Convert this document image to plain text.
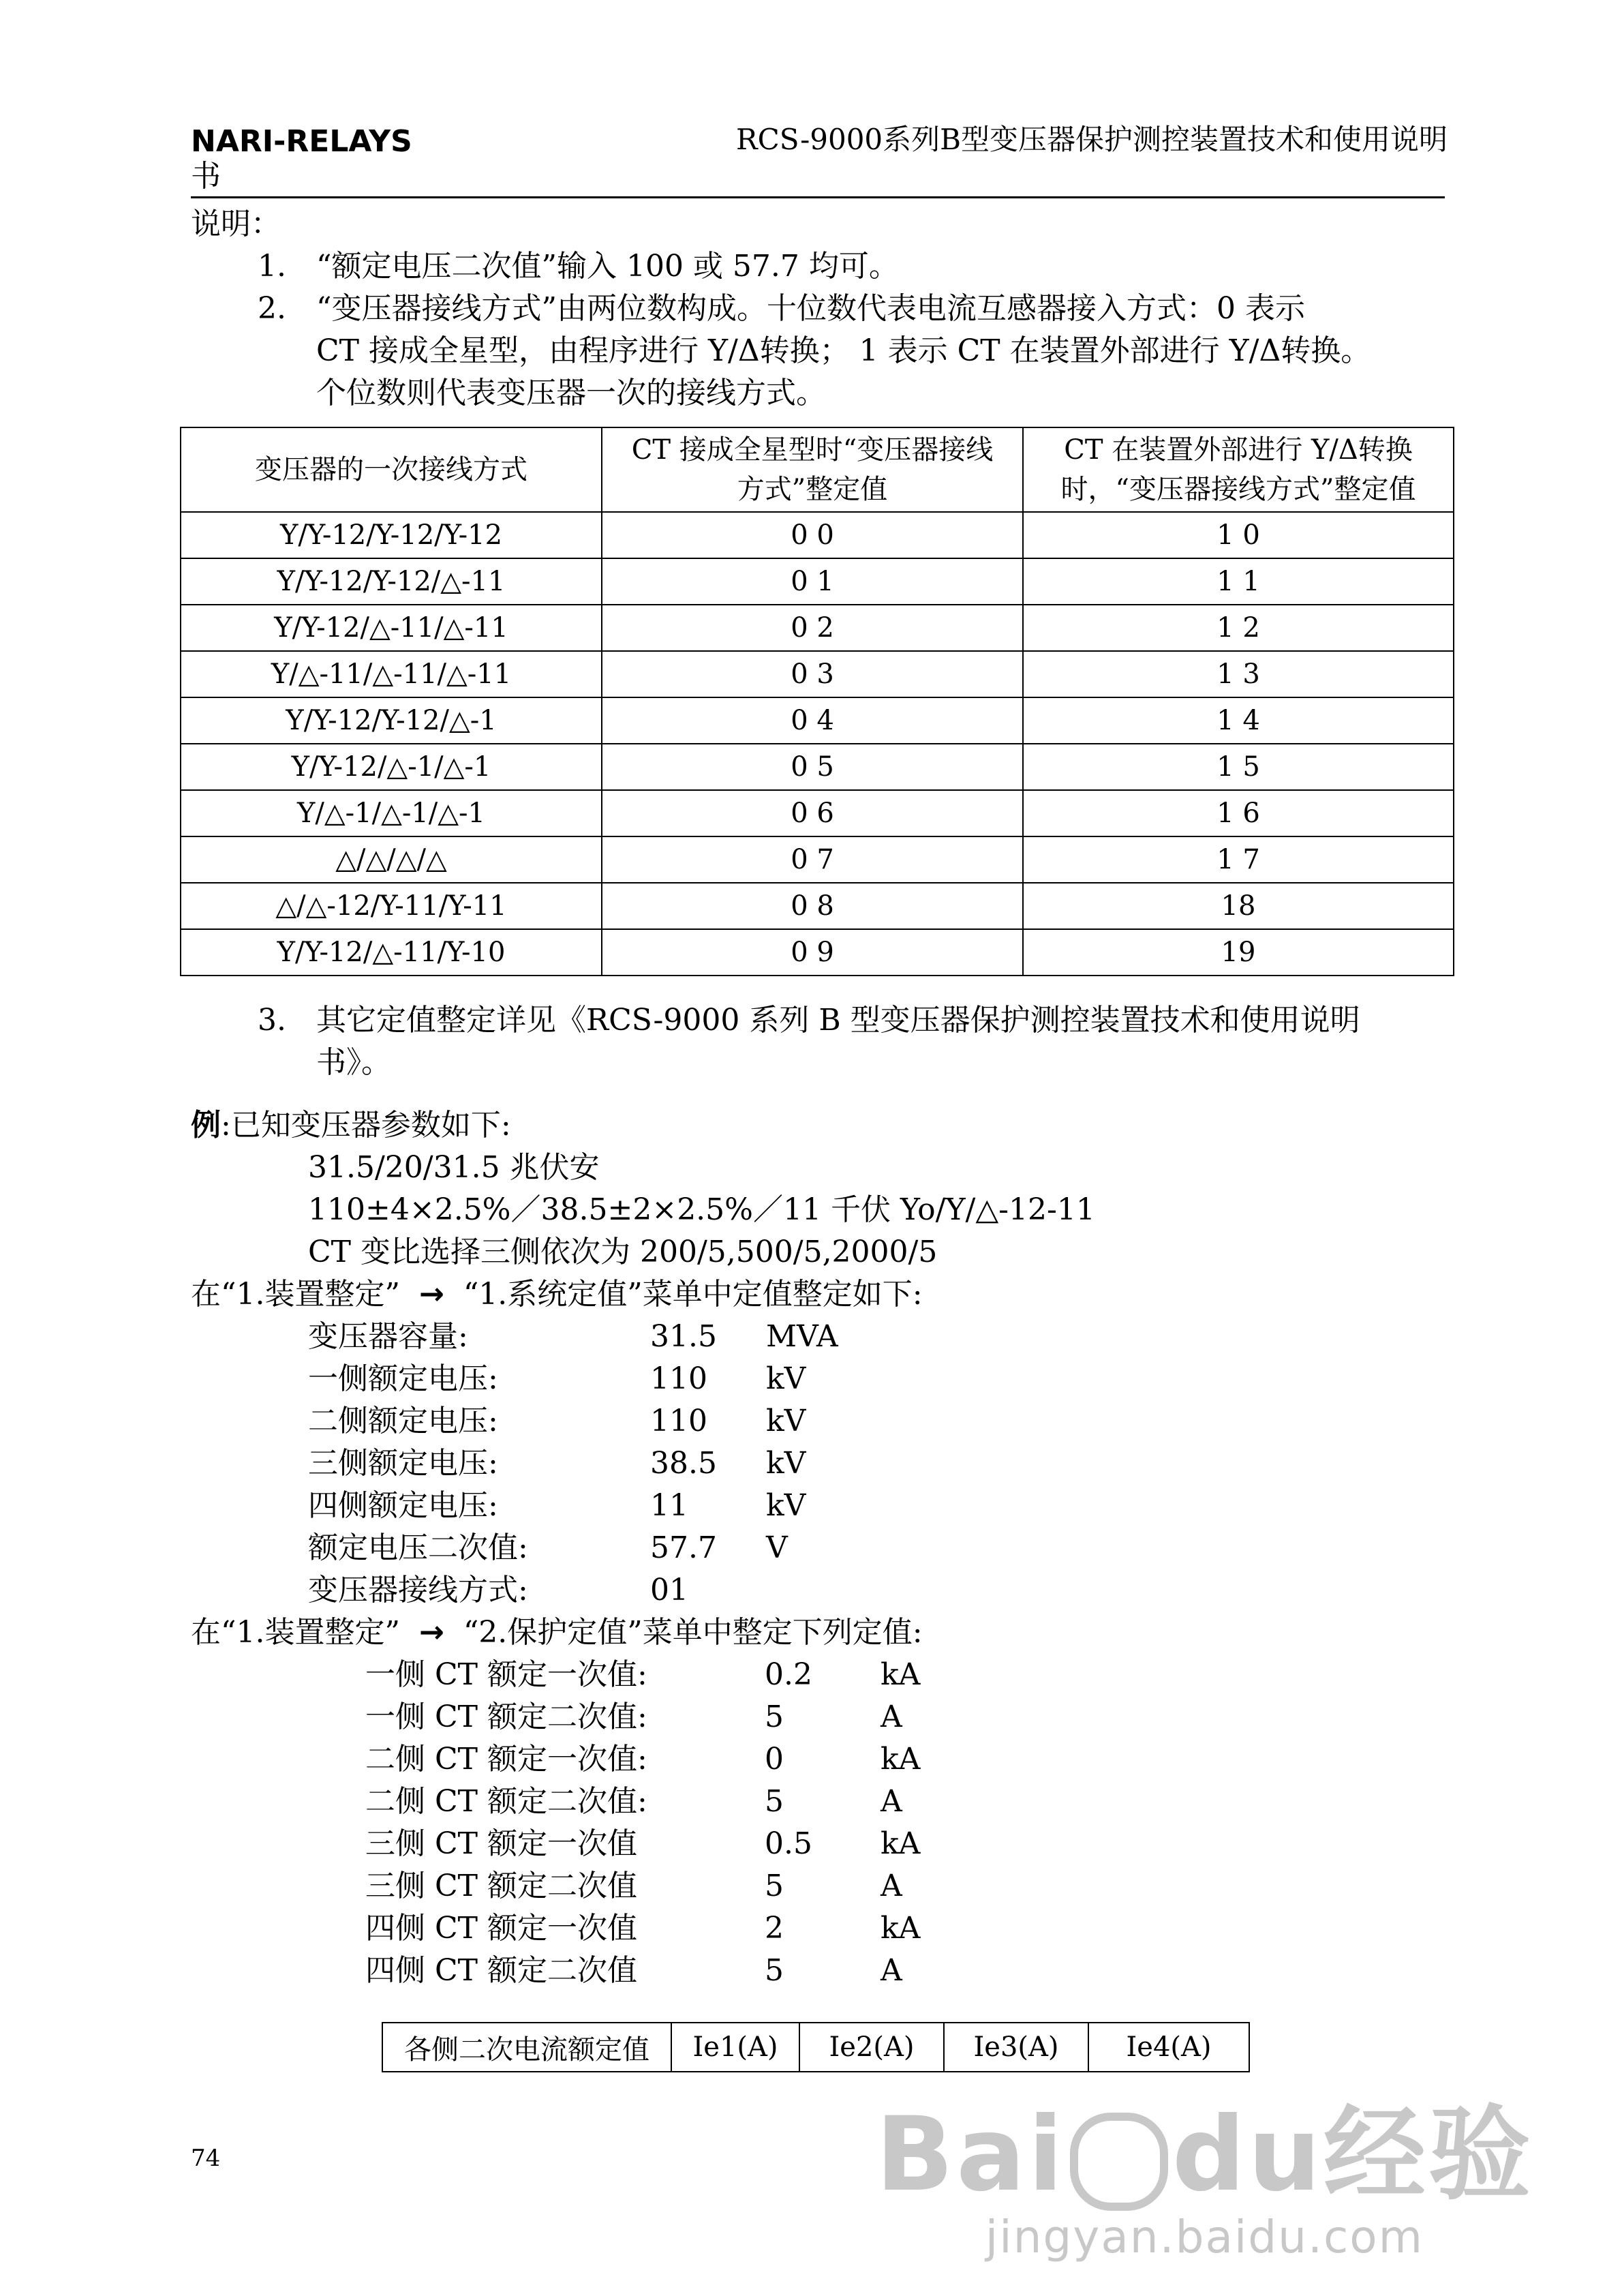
NARI-RELAYS	RCS-9000系列B型变压器保护测控装置技术和使用说明
书
说明：
1. “额定电压二次值”输入 100 或 57.7 均可。
2. “变压器接线方式”由两位数构成。十位数代表电流互感器接入方式：0 表示
CT 接成全星型，由程序进行 Y/Δ转换； 1 表示 CT 在装置外部进行 Y/Δ转换。
个位数则代表变压器一次的接线方式。
变压器的一次接线方式	CT 接成全星型时“变压器接线
方式”整定值	CT 在装置外部进行 Y/Δ转换
时，“变压器接线方式”整定值
Y/Y-12/Y-12/Y-12	0 0	1 0
Y/Y-12/Y-12/△-11	0 1	1 1
Y/Y-12/△-11/△-11	0 2	1 2
Y/△-11/△-11/△-11	0 3	1 3
Y/Y-12/Y-12/△-1	0 4	1 4
Y/Y-12/△-1/△-1	0 5	1 5
Y/△-1/△-1/△-1	0 6	1 6
△/△/△/△	0 7	1 7
△/△-12/Y-11/Y-11	0 8	18
Y/Y-12/△-11/Y-10	0 9	19
3. 其它定值整定详见《RCS-9000 系列 B 型变压器保护测控装置技术和使用说明
书》。
例:已知变压器参数如下:
31.5/20/31.5 兆伏安
110±4×2.5%／38.5±2×2.5%／11 千伏 Yo/Y/△-12-11
CT 变比选择三侧依次为 200/5,500/5,2000/5
在“1.装置整定” → “1.系统定值”菜单中定值整定如下:
变压器容量:	31.5 MVA
一侧额定电压:	110 kV
二侧额定电压:	110 kV
三侧额定电压:	38.5 kV
四侧额定电压:	11	kV
额定电压二次值:	57.7 V
变压器接线方式:	01
在“1.装置整定” → “2.保护定值”菜单中整定下列定值:
一侧 CT 额定一次值:	0.2 kA
一侧 CT 额定二次值:	5	A
二侧 CT 额定一次值:	0	kA
二侧 CT 额定二次值:	5	A
三侧 CT 额定一次值	0.5 kA
三侧 CT 额定二次值	5	A
四侧 CT 额定一次值	2	kA
四侧 CT 额定二次值	5	A
各侧二次电流额定值	Ie1(A)	Ie2(A)	Ie3(A)	Ie4(A)
74	Bai du经验
jingyan.baidu.com
